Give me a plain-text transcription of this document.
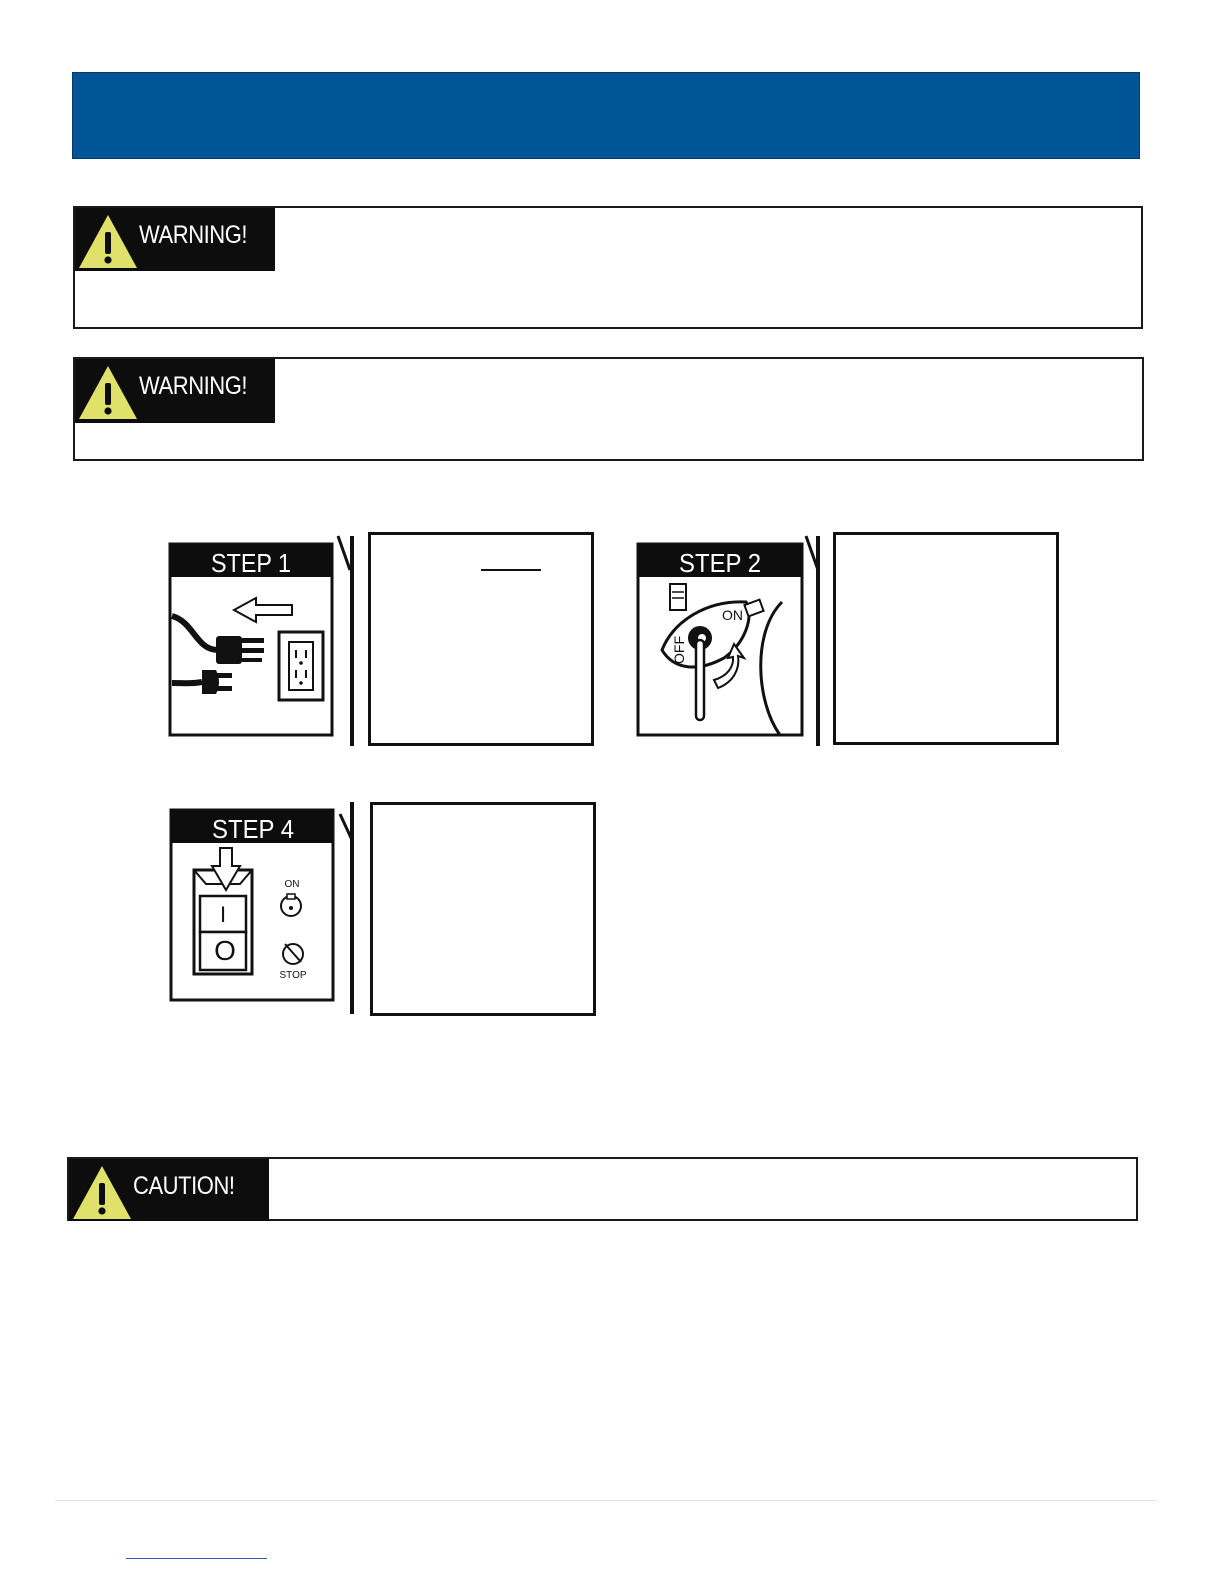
WARNING!
WARNING!
STEP 1
OFF
ON
STEP 2
I
O
ON
STOP
STEP 4
CAUTION!
